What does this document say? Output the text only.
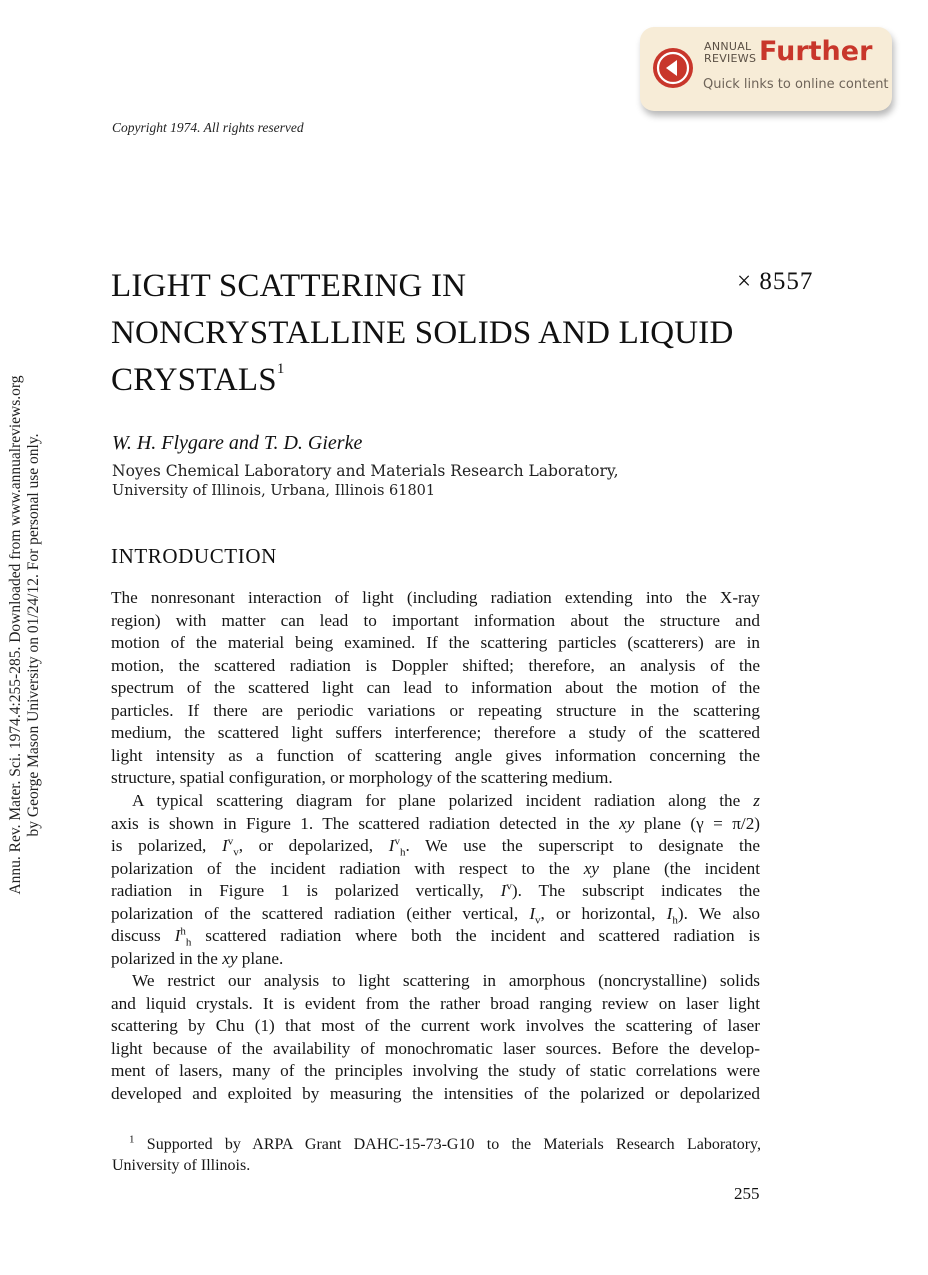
Annu. Rev. Mater. Sci. 1974.4:255-285. Downloaded from www.annualreviews.org by George Mason University on 01/24/12. For personal use only.
ANNUAL
REVIEWS Further
Quick links to online content
Copyright 1974. All rights reserved
LIGHT SCATTERING IN
NONCRYSTALLINE SOLIDS AND LIQUID
$CRYSTALS^1$
× 8557
W. H. Flygare and T. D. Gierke
Noyes Chemical Laboratory and Materials Research Laboratory,
University of Illinois, Urbana, Illinois 61801
INTRODUCTION
The nonresonant interaction of light (including radiation extending into the X-ray
region) with matter can lead to important information about the structure and
motion of the material being examined. If the scattering particles (scatterers) are in
motion, the scattered radiation is Doppler shifted; therefore, an analysis of the
spectrum of the scattered light can lead to information about the motion of the
particles. If there are periodic variations or repeating structure in the scattering
medium, the scattered light suffers interference; therefore a study of the scattered
light intensity as a function of scattering angle gives information concerning the
structure, spatial configuration, or morphology of the scattering medium.
A typical scattering diagram for plane polarized incident radiation along the z
axis is shown in Figure 1. The scattered radiation detected in the xy plane (γ = π/2)
is polarized, $I^v_v$, or depolarized, $I^v_h$. We use the superscript to designate the
polarization of the incident radiation with respect to the xy plane (the incident
radiation in Figure 1 is polarized vertically, $I^v$). The subscript indicates the
polarization of the scattered radiation (either vertical, $I_v$, or horizontal, $I_h$). We also
discuss $I^h_h$ scattered radiation where both the incident and scattered radiation is
polarized in the xy plane.
We restrict our analysis to light scattering in amorphous (noncrystalline) solids
and liquid crystals. It is evident from the rather broad ranging review on laser light
scattering by Chu (1) that most of the current work involves the scattering of laser
light because of the availability of monochromatic laser sources. Before the develop-
ment of lasers, many of the principles involving the study of static correlations were
developed and exploited by measuring the intensities of the polarized or depolarized
$^1$ Supported by ARPA Grant DAHC-15-73-G10 to the Materials Research Laboratory,
University of Illinois.
255
